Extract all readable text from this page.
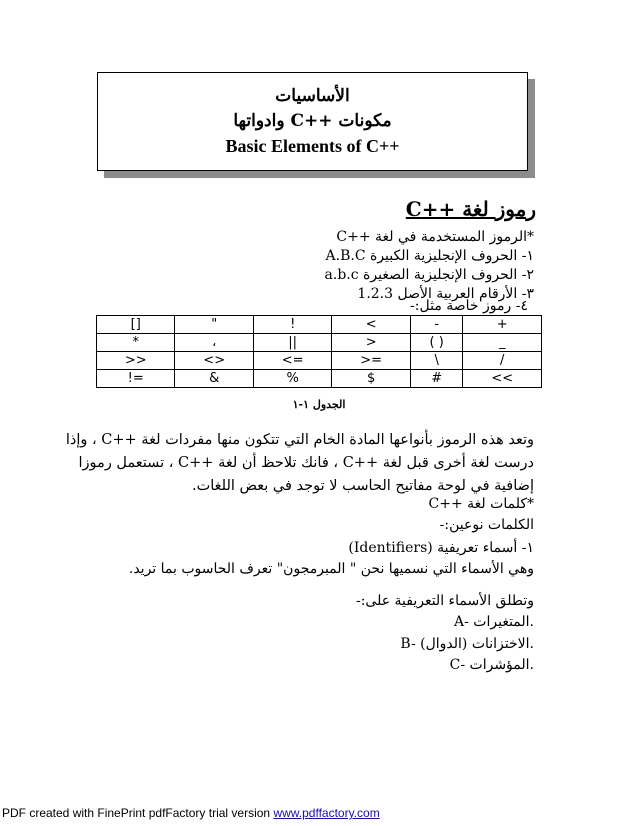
الأساسيات
مكونات ++C وادواتها
Basic Elements of C++
رموز لغة ++C
*الرموز المستخدمة في لغة ++C
١- الحروف الإنجليزية الكبيرة A.B.C
٢- الحروف الإنجليزية الصغيرة a.b.c
٣- الأرقام العربية الأصل 1.2.3
٤- رموز خاصة مثل:-
[]	"	!	<	-	+
*	،	||	>	( )	_
>>	<>	<=	>=	\	/
!=	&	%	$	#	<<
الجدول ١-١
وتعد هذه الرموز بأنواعها المادة الخام التي تتكون منها مفردات لغة ++C ، وإذا
درست لغة أخرى قبل لغة ++C ، فانك تلاحظ أن لغة ++C ، تستعمل رموزا
إضافية في لوحة مفاتيح الحاسب لا توجد في بعض اللغات.
*كلمات لغة ++C
الكلمات نوعين:-
١- أسماء تعريفية (Identifiers)
وهي الأسماء التي نسميها نحن " المبرمجون" تعرف الحاسوب بما تريد.
وتطلق الأسماء التعريفية على:-
A- المتغيرات.
B- الاختزانات (الدوال).
C- المؤشرات.
PDF created with FinePrint pdfFactory trial version www.pdffactory.com
